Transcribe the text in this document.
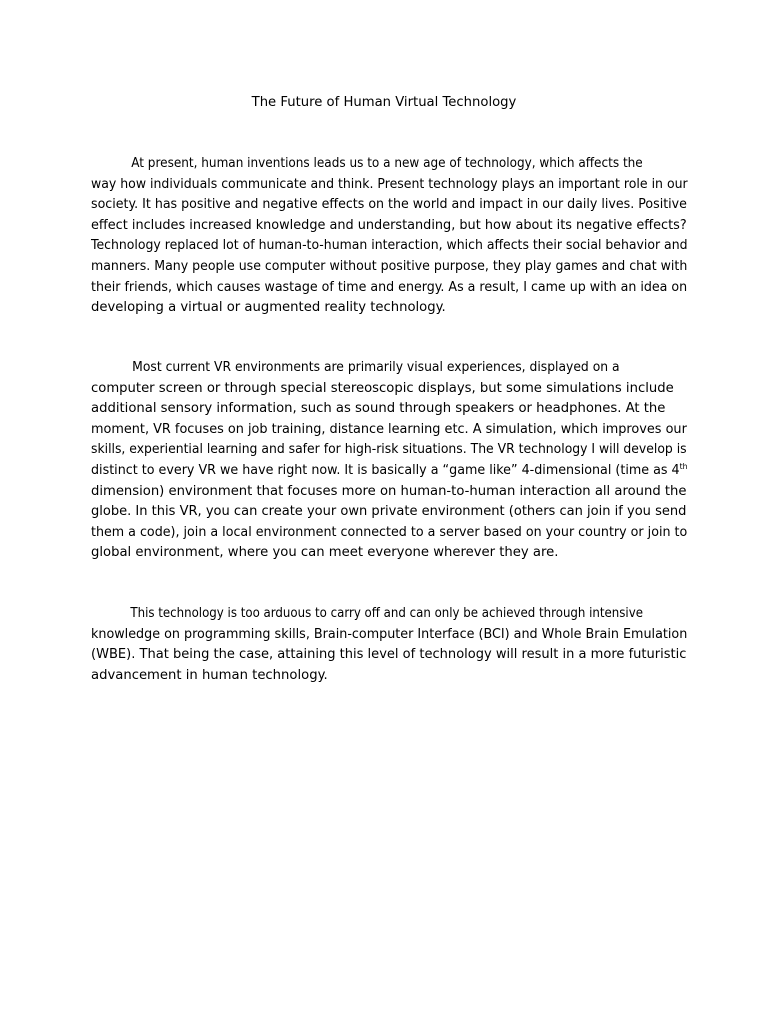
The Future of Human Virtual Technology
At present, human inventions leads us to a new age of technology, which affects the
way how individuals communicate and think. Present technology plays an important role in our
society. It has positive and negative effects on the world and impact in our daily lives. Positive
effect includes increased knowledge and understanding, but how about its negative effects?
Technology replaced lot of human-to-human interaction, which affects their social behavior and
manners. Many people use computer without positive purpose, they play games and chat with
their friends, which causes wastage of time and energy. As a result, I came up with an idea on
developing a virtual or augmented reality technology.
Most current VR environments are primarily visual experiences, displayed on a
computer screen or through special stereoscopic displays, but some simulations include
additional sensory information, such as sound through speakers or headphones. At the
moment, VR focuses on job training, distance learning etc. A simulation, which improves our
skills, experiential learning and safer for high-risk situations. The VR technology I will develop is
distinct to every VR we have right now. It is basically a “game like” 4-dimensional (time as 4th
dimension) environment that focuses more on human-to-human interaction all around the
globe. In this VR, you can create your own private environment (others can join if you send
them a code), join a local environment connected to a server based on your country or join to
global environment, where you can meet everyone wherever they are.
This technology is too arduous to carry off and can only be achieved through intensive
knowledge on programming skills, Brain-computer Interface (BCI) and Whole Brain Emulation
(WBE). That being the case, attaining this level of technology will result in a more futuristic
advancement in human technology.
